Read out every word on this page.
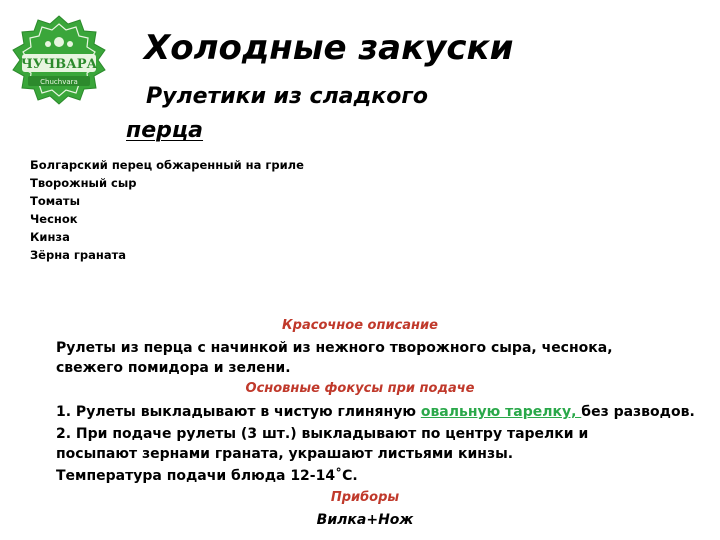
ЧУЧВАРА
Chuchvara
Холодные закуски
Рулетики из сладкого
перца
Болгарский перец обжаренный на гриле
Творожный сыр
Томаты
Чеснок
Кинза
Зёрна граната
Красочное описание
Рулеты из перца с начинкой из нежного творожного сыра, чеснока, свежего помидора и зелени.
Основные фокусы при подаче
1. Рулеты выкладывают в чистую глиняную овальную тарелку, без разводов.
2. При подаче рулеты (3 шт.) выкладывают по центру тарелки и посыпают зернами граната, украшают листьями кинзы.
Температура подачи блюда 12-14˚С.
Приборы
Вилка+Нож
